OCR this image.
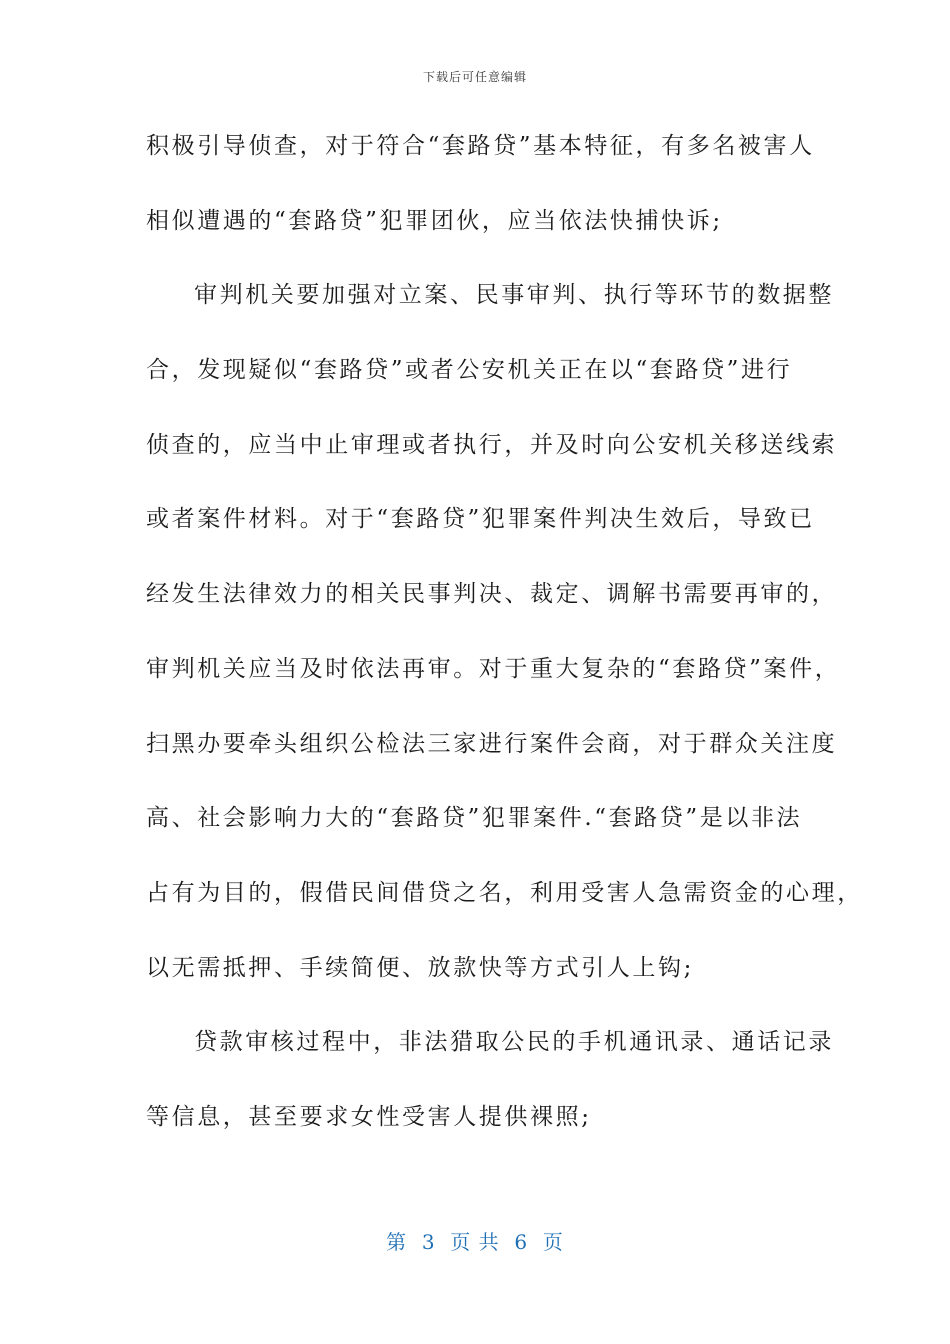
下载后可任意编辑
积极引导侦查，对于符合“套路贷”基本特征，有多名被害人
相似遭遇的“套路贷”犯罪团伙，应当依法快捕快诉;
审判机关要加强对立案、民事审判、执行等环节的数据整
合，发现疑似“套路贷”或者公安机关正在以“套路贷”进行
侦查的，应当中止审理或者执行，并及时向公安机关移送线索
或者案件材料。对于“套路贷”犯罪案件判决生效后，导致已
经发生法律效力的相关民事判决、裁定、调解书需要再审的，
审判机关应当及时依法再审。对于重大复杂的“套路贷”案件，
扫黑办要牵头组织公检法三家进行案件会商，对于群众关注度
高、社会影响力大的“套路贷”犯罪案件.“套路贷”是以非法
占有为目的，假借民间借贷之名，利用受害人急需资金的心理，
以无需抵押、手续简便、放款快等方式引人上钩;
贷款审核过程中，非法猎取公民的手机通讯录、通话记录
等信息，甚至要求女性受害人提供裸照;
第  3  页 共  6  页
